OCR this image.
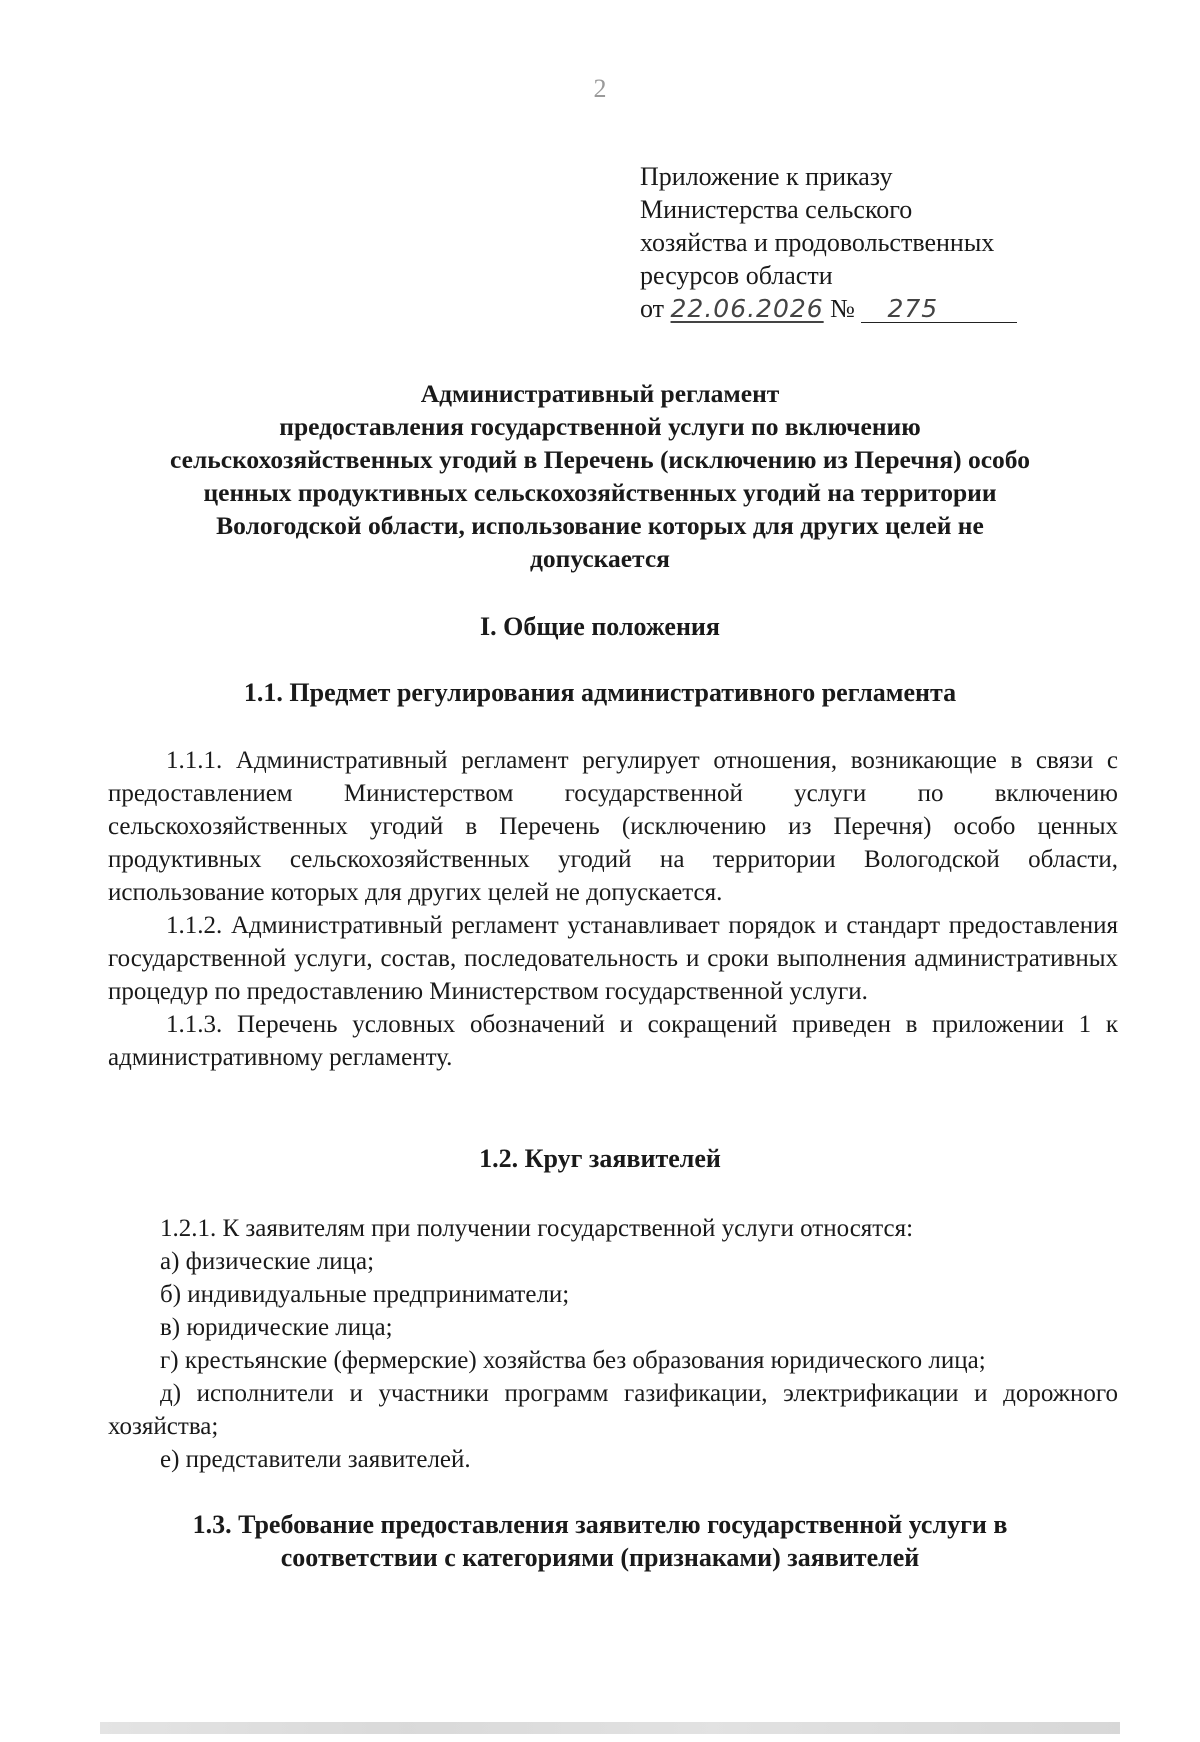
2
Приложение к приказу
Министерства сельского
хозяйства и продовольственных
ресурсов области
от 22.06.2026 № 275
Административный регламент
предоставления государственной услуги по включению
сельскохозяйственных угодий в Перечень (исключению из Перечня) особо
ценных продуктивных сельскохозяйственных угодий на территории
Вологодской области, использование которых для других целей не
допускается
I. Общие положения
1.1. Предмет регулирования административного регламента

1.1.1. Административный регламент регулирует отношения, возникающие в связи с предоставлением Министерством государственной услуги по включению сельскохозяйственных угодий в Перечень (исключению из Перечня) особо ценных продуктивных сельскохозяйственных угодий на территории Вологодской области, использование которых для других целей не допускается.

1.1.2. Административный регламент устанавливает порядок и стандарт предоставления государственной услуги, состав, последовательность и сроки выполнения административных процедур по предоставлению Министерством государственной услуги.

1.1.3. Перечень условных обозначений и сокращений приведен в приложении 1 к административному регламенту.

1.2. Круг заявителей

1.2.1. К заявителям при получении государственной услуги относятся:

а) физические лица;

б) индивидуальные предприниматели;

в) юридические лица;

г) крестьянские (фермерские) хозяйства без образования юридического лица;

д) исполнители и участники программ газификации, электрификации и дорожного хозяйства;

е) представители заявителей.

1.3. Требование предоставления заявителю государственной услуги в
соответствии с категориями (признаками) заявителей
